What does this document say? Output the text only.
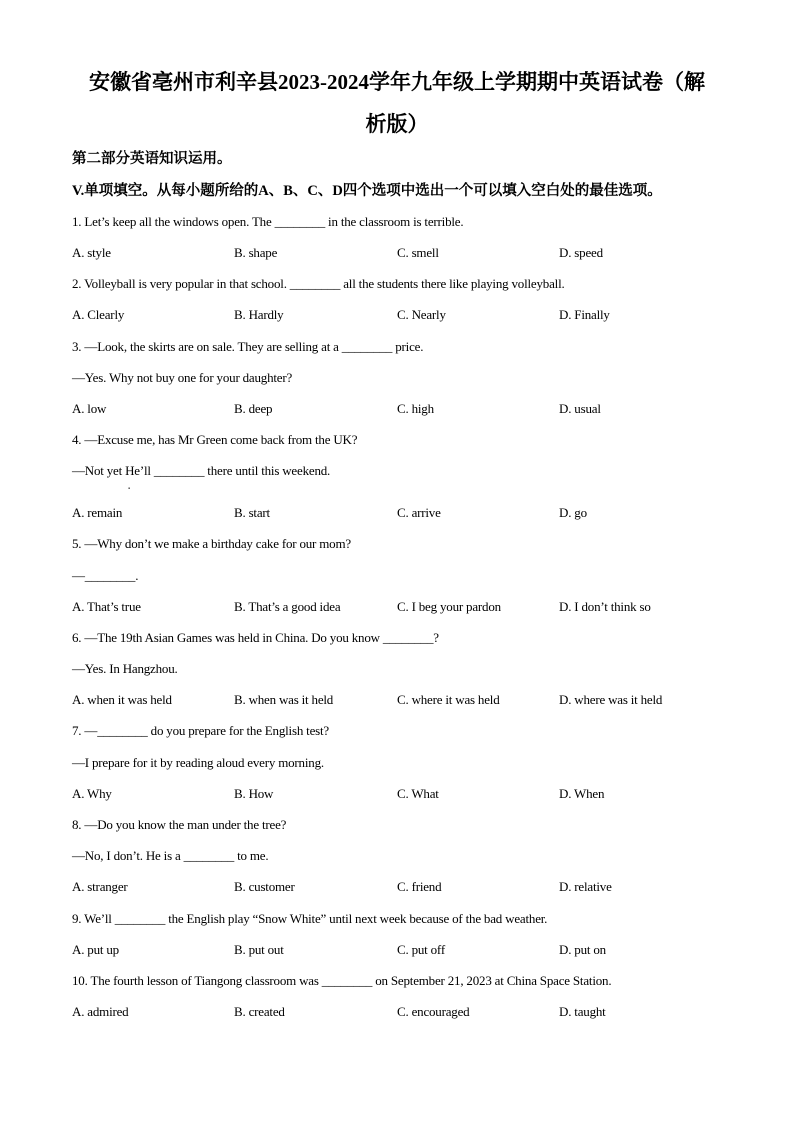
安徽省亳州市利辛县2023-2024学年九年级上学期期中英语试卷（解
析版）
第二部分英语知识运用。
V.单项填空。从每小题所给的A、B、C、D四个选项中选出一个可以填入空白处的最佳选项。
1. Let’s keep all the windows open. The ________ in the classroom is terrible.
A. style	B. shape	C. smell	D. speed
2. Volleyball is very popular in that school. ________ all the students there like playing volleyball.
A. Clearly	B. Hardly	C. Nearly	D. Finally
3. —Look, the skirts are on sale. They are selling at a ________ price.
—Yes. Why not buy one for your daughter?
A. low	B. deep	C. high	D. usual
4. —Excuse me, has Mr Green come back from the UK?
—Not yet He’ll ________ there until this weekend.
▪
A. remain	B. start	C. arrive	D. go
5. —Why don’t we make a birthday cake for our mom?
—________.
A. That’s true	B. That’s a good idea	C. I beg your pardon	D. I don’t think so
6. —The 19th Asian Games was held in China. Do you know ________?
—Yes. In Hangzhou.
A. when it was held	B. when was it held	C. where it was held	D. where was it held
7. —________ do you prepare for the English test?
—I prepare for it by reading aloud every morning.
A. Why	B. How	C. What	D. When
8. —Do you know the man under the tree?
—No, I don’t. He is a ________ to me.
A. stranger	B. customer	C. friend	D. relative
9. We’ll ________ the English play “Snow White” until next week because of the bad weather.
A. put up	B. put out	C. put off	D. put on
10. The fourth lesson of Tiangong classroom was ________ on September 21, 2023 at China Space Station.
A. admired	B. created	C. encouraged	D. taught
